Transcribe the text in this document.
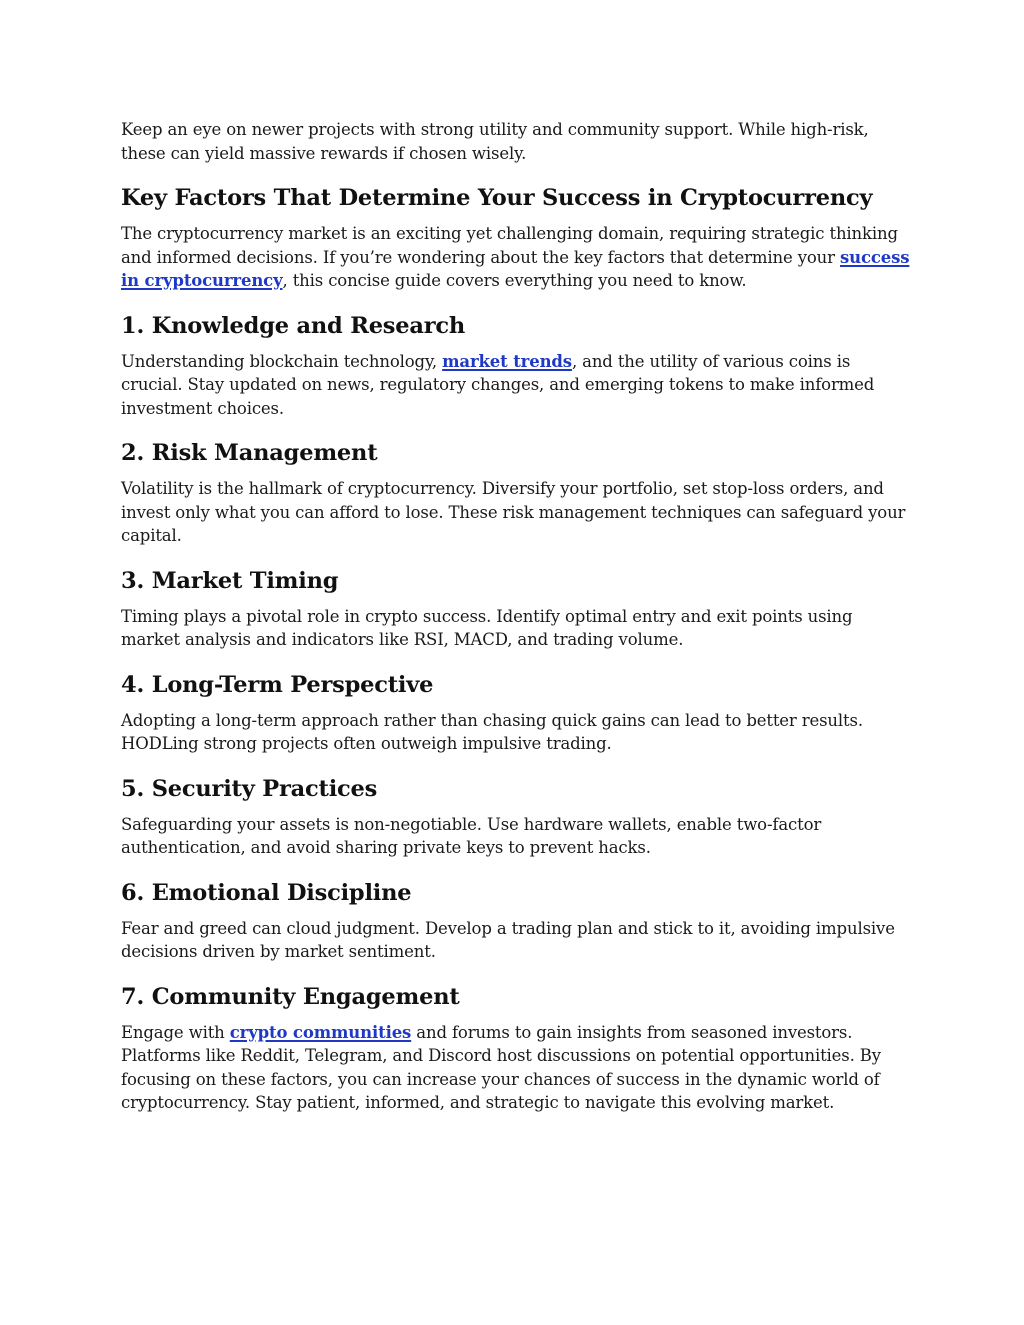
Keep an eye on newer projects with strong utility and community support. While high-risk, these can yield massive rewards if chosen wisely.

Key Factors That Determine Your Success in Cryptocurrency

The cryptocurrency market is an exciting yet challenging domain, requiring strategic thinking and informed decisions. If you’re wondering about the key factors that determine your success in cryptocurrency, this concise guide covers everything you need to know.

1. Knowledge and Research

Understanding blockchain technology, market trends, and the utility of various coins is crucial. Stay updated on news, regulatory changes, and emerging tokens to make informed investment choices.

2. Risk Management

Volatility is the hallmark of cryptocurrency. Diversify your portfolio, set stop-loss orders, and invest only what you can afford to lose. These risk management techniques can safeguard your capital.

3. Market Timing

Timing plays a pivotal role in crypto success. Identify optimal entry and exit points using market analysis and indicators like RSI, MACD, and trading volume.

4. Long-Term Perspective

Adopting a long-term approach rather than chasing quick gains can lead to better results. HODLing strong projects often outweigh impulsive trading.

5. Security Practices

Safeguarding your assets is non-negotiable. Use hardware wallets, enable two-factor authentication, and avoid sharing private keys to prevent hacks.

6. Emotional Discipline

Fear and greed can cloud judgment. Develop a trading plan and stick to it, avoiding impulsive decisions driven by market sentiment.

7. Community Engagement

Engage with crypto communities and forums to gain insights from seasoned investors. Platforms like Reddit, Telegram, and Discord host discussions on potential opportunities. By focusing on these factors, you can increase your chances of success in the dynamic world of cryptocurrency. Stay patient, informed, and strategic to navigate this evolving market.
